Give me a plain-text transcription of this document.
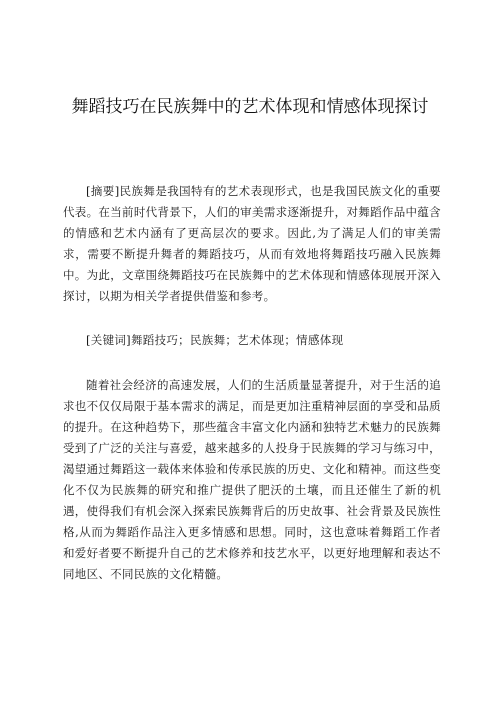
舞蹈技巧在民族舞中的艺术体现和情感体现探讨

[摘要]民族舞是我国特有的艺术表现形式，也是我国民族文化的重要代表。在当前时代背景下，人们的审美需求逐渐提升，对舞蹈作品中蕴含的情感和艺术内涵有了更高层次的要求。因此,为了满足人们的审美需求，需要不断提升舞者的舞蹈技巧，从而有效地将舞蹈技巧融入民族舞中。为此，文章围绕舞蹈技巧在民族舞中的艺术体现和情感体现展开深入探讨，以期为相关学者提供借鉴和参考。

[关键词]舞蹈技巧；民族舞；艺术体现；情感体现

随着社会经济的高速发展，人们的生活质量显著提升，对于生活的追求也不仅仅局限于基本需求的满足，而是更加注重精神层面的享受和品质的提升。在这种趋势下，那些蕴含丰富文化内涵和独特艺术魅力的民族舞受到了广泛的关注与喜爱，越来越多的人投身于民族舞的学习与练习中，渴望通过舞蹈这一载体来体验和传承民族的历史、文化和精神。而这些变化不仅为民族舞的研究和推广提供了肥沃的土壤，而且还催生了新的机遇，使得我们有机会深入探索民族舞背后的历史故事、社会背景及民族性格,从而为舞蹈作品注入更多情感和思想。同时，这也意味着舞蹈工作者和爱好者要不断提升自己的艺术修养和技艺水平，以更好地理解和表达不同地区、不同民族的文化精髓。
